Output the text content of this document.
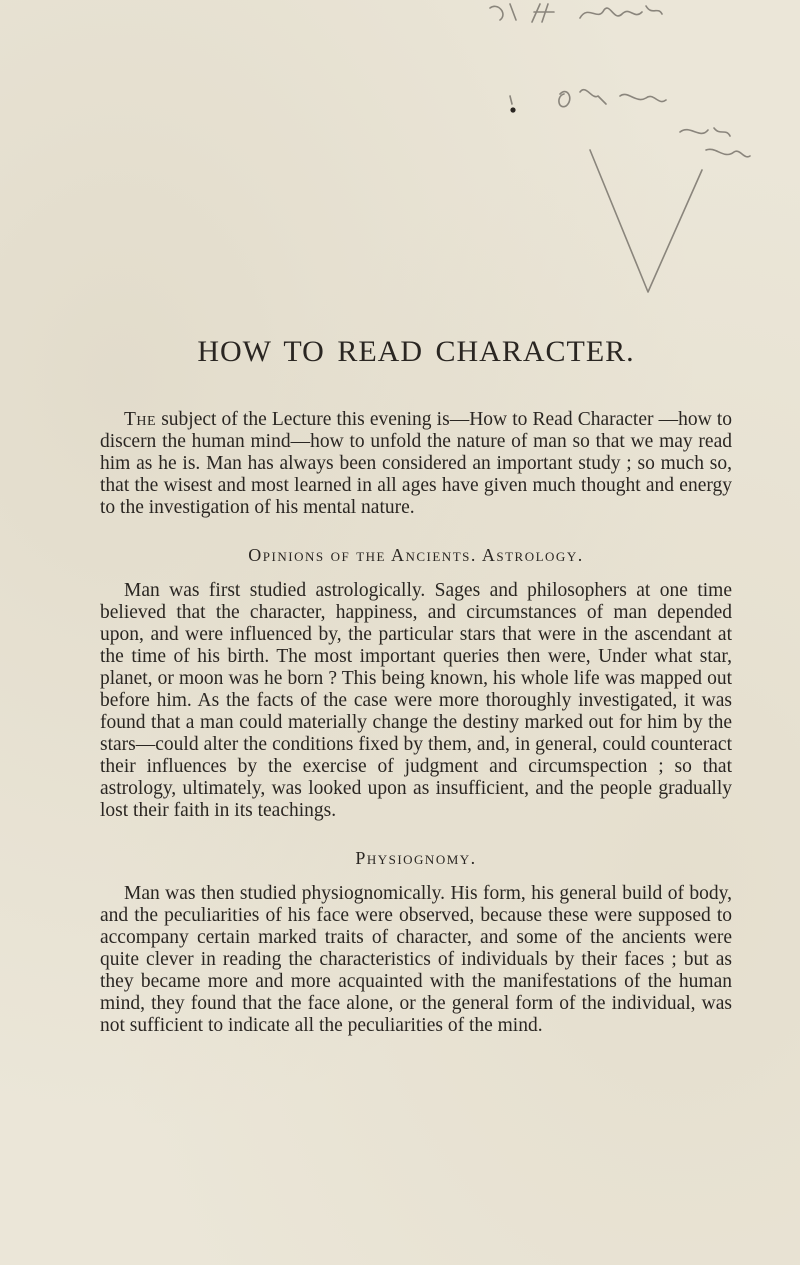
HOW TO READ CHARACTER.

The subject of the Lecture this evening is—How to Read Character —how to discern the human mind—how to unfold the nature of man so that we may read him as he is. Man has always been considered an important study ; so much so, that the wisest and most learned in all ages have given much thought and energy to the investigation of his mental nature.

Opinions of the Ancients. Astrology.

Man was first studied astrologically. Sages and philosophers at one time believed that the character, happiness, and circumstances of man depended upon, and were influenced by, the particular stars that were in the ascendant at the time of his birth. The most important queries then were, Under what star, planet, or moon was he born ? This being known, his whole life was mapped out before him. As the facts of the case were more thoroughly investigated, it was found that a man could materially change the destiny marked out for him by the stars—could alter the conditions fixed by them, and, in general, could counteract their influences by the exercise of judgment and circumspection ; so that astrology, ultimately, was looked upon as insufficient, and the people gradually lost their faith in its teachings.

Physiognomy.

Man was then studied physiognomically. His form, his general build of body, and the peculiarities of his face were observed, because these were supposed to accompany certain marked traits of character, and some of the ancients were quite clever in reading the characteristics of individuals by their faces ; but as they became more and more acquainted with the manifestations of the human mind, they found that the face alone, or the general form of the individual, was not sufficient to indicate all the peculiarities of the mind.
